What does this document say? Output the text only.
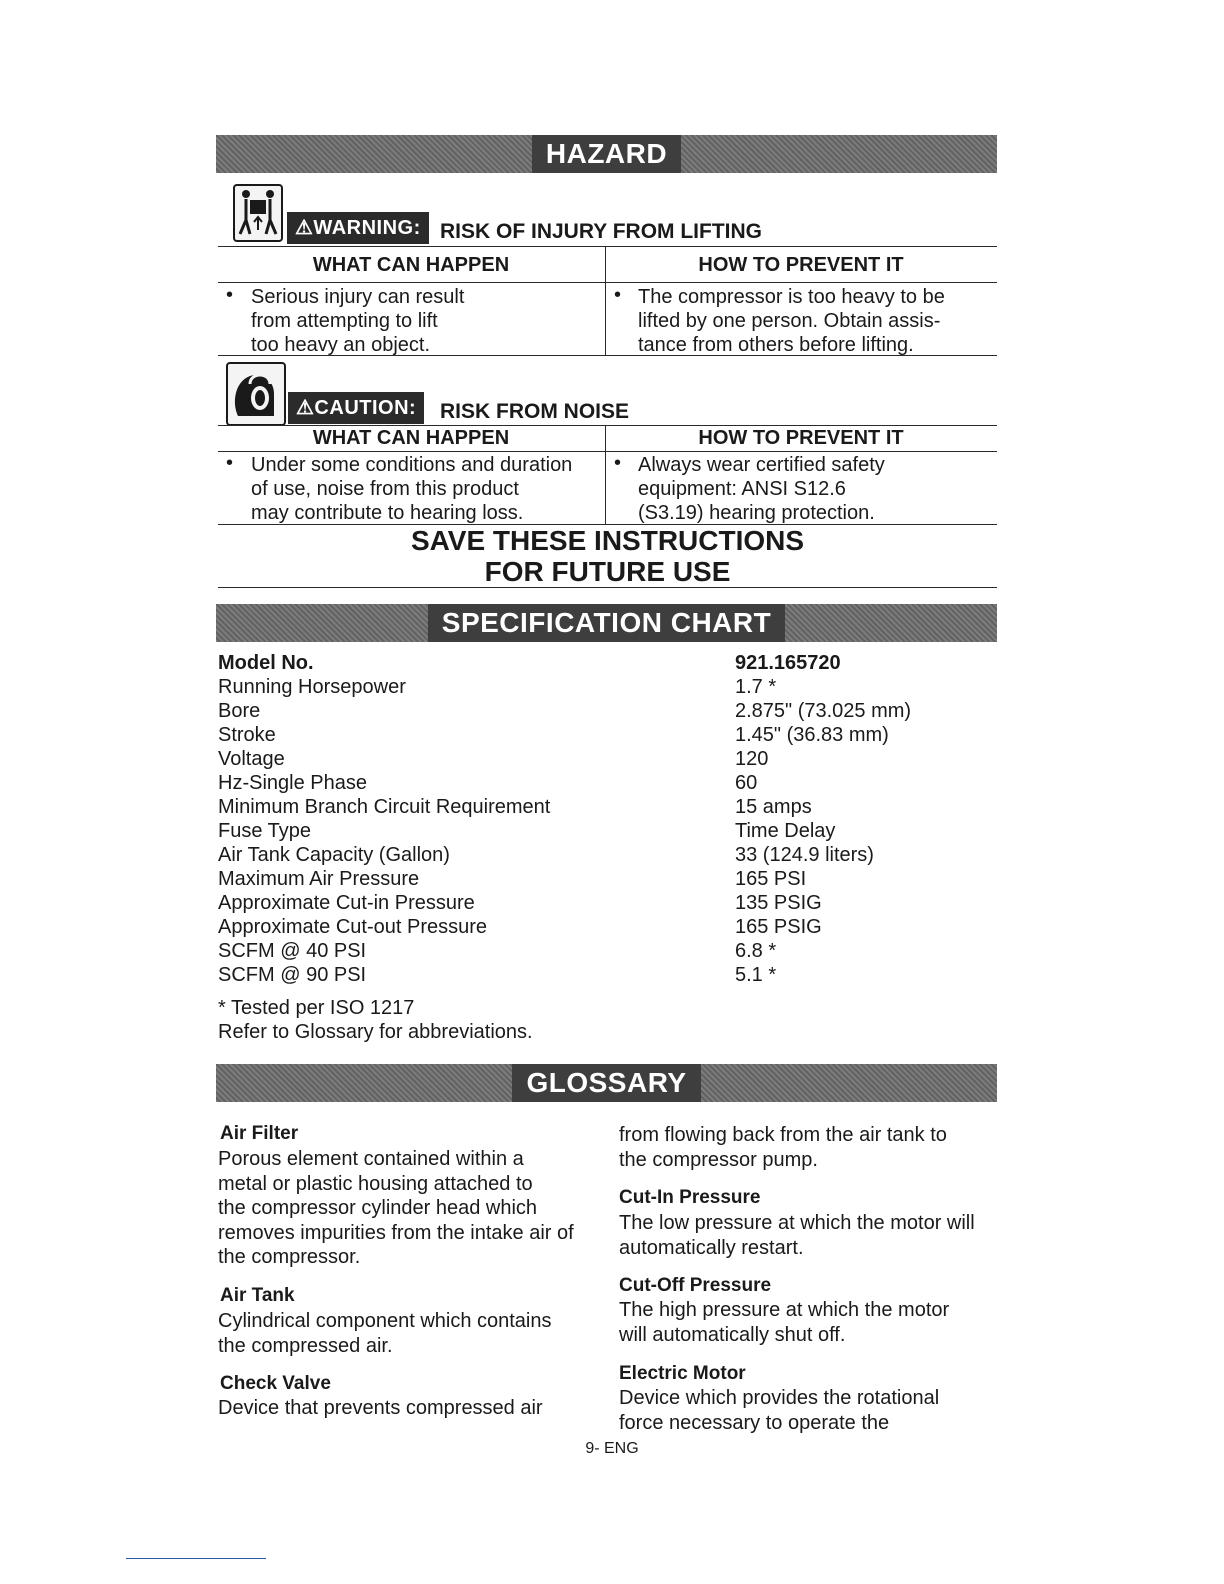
HAZARD
⚠WARNING: RISK OF INJURY FROM LIFTING
WHAT CAN HAPPEN	HOW TO PREVENT IT
• Serious injury can result
from attempting to lift
too heavy an object.
• The compressor is too heavy to be
lifted by one person. Obtain assis-
tance from others before lifting.
⚠CAUTION:	RISK FROM NOISE
WHAT CAN HAPPEN	HOW TO PREVENT IT
• Under some conditions and duration
of use, noise from this product
may contribute to hearing loss.
• Always wear certified safety
equipment: ANSI S12.6
(S3.19) hearing protection.
SAVE THESE INSTRUCTIONS
FOR FUTURE USE
SPECIFICATION CHART
Model No.	921.165720
Running Horsepower	1.7 *
Bore	2.875" (73.025 mm)
Stroke	1.45" (36.83 mm)
Voltage	120
Hz-Single Phase	60
Minimum Branch Circuit Requirement	15 amps
Fuse Type	Time Delay
Air Tank Capacity (Gallon)	33 (124.9 liters)
Maximum Air Pressure	165 PSI
Approximate Cut-in Pressure	135 PSIG
Approximate Cut-out Pressure	165 PSIG
SCFM @ 40 PSI	6.8 *
SCFM @ 90 PSI	5.1 *
* Tested per ISO 1217
Refer to Glossary for abbreviations.
GLOSSARY
Air Filter
Porous element contained within a
metal or plastic housing attached to
the compressor cylinder head which
removes impurities from the intake air of
the compressor.
Air Tank
Cylindrical component which contains
the compressed air.
Check Valve
Device that prevents compressed air
from flowing back from the air tank to
the compressor pump.
Cut-In Pressure
The low pressure at which the motor will
automatically restart.
Cut-Off Pressure
The high pressure at which the motor
will automatically shut off.
Electric Motor
Device which provides the rotational
force necessary to operate the
9- ENG
